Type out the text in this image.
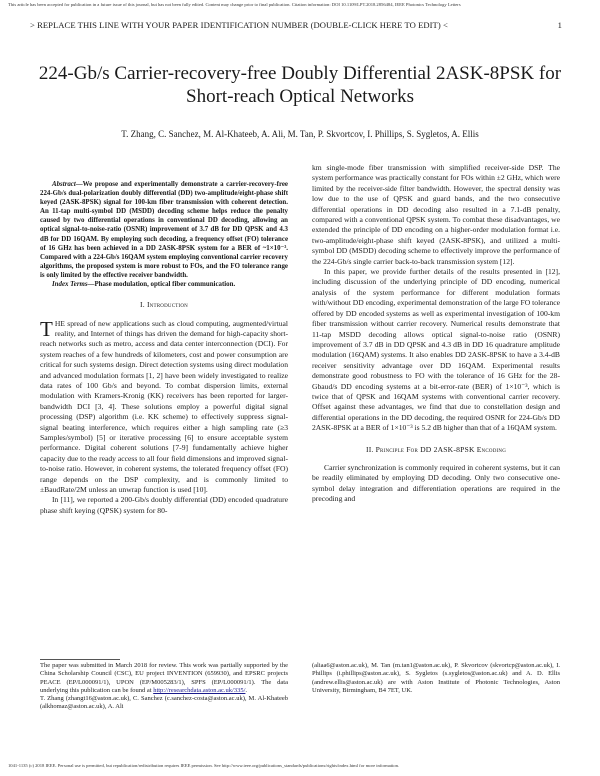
This article has been accepted for publication in a future issue of this journal, but has not been fully edited. Content may change prior to final publication. Citation information: DOI 10.1109/LPT.2018.2856484, IEEE Photonics Technology Letters
> REPLACE THIS LINE WITH YOUR PAPER IDENTIFICATION NUMBER (DOUBLE-CLICK HERE TO EDIT) <	1
224-Gb/s Carrier-recovery-free Doubly Differential 2ASK-8PSK for Short-reach Optical Networks
T. Zhang, C. Sanchez, M. Al-Khateeb, A. Ali, M. Tan, P. Skvortcov, I. Phillips, S. Sygletos, A. Ellis

Abstract—We propose and experimentally demonstrate a carrier-recovery-free 224-Gb/s dual-polarization doubly differential (DD) two-amplitude/eight-phase shift keyed (2ASK-8PSK) signal for 100-km fiber transmission with coherent detection. An 11-tap multi-symbol DD (MSDD) decoding scheme helps reduce the penalty caused by two differential operations in conventional DD decoding, allowing an optical signal-to-noise-ratio (OSNR) improvement of 3.7 dB for DD QPSK and 4.3 dB for DD 16QAM. By employing such decoding, a frequency offset (FO) tolerance of 16 GHz has been achieved in a DD 2ASK-8PSK system for a BER of ~1×10⁻³. Compared with a 224-Gb/s 16QAM system employing conventional carrier recovery algorithms, the proposed system is more robust to FOs, and the FO tolerance range is only limited by the effective receiver bandwidth.

Index Terms—Phase modulation, optical fiber communication.

I. Introduction

THE spread of new applications such as cloud computing, augmented/virtual reality, and Internet of things has driven the demand for high-capacity short-reach networks such as metro, access and data center interconnection (DCI). For system reaches of a few hundreds of kilometers, cost and power consumption are critical for such systems design. Direct detection systems using direct modulation and advanced modulation formats [1, 2] have been widely investigated to realize data rates of 100 Gb/s and beyond. To combat dispersion limits, external modulation with Kramers-Kronig (KK) receivers has been reported for larger-bandwidth DCI [3, 4]. These solutions employ a powerful digital signal processing (DSP) algorithm (i.e. KK scheme) to effectively suppress signal-signal beating interference, which requires either a high sampling rate (≥3 Samples/symbol) [5] or iterative processing [6] to ensure acceptable system performance. Digital coherent solutions [7-9] fundamentally achieve higher capacity due to the ready access to all four field dimensions and improved signal-to-noise ratio. However, in coherent systems, the tolerated frequency offset (FO) range depends on the DSP complexity, and is commonly limited to ±BaudRate/2M unless an unwrap function is used [10].

In [11], we reported a 200-Gb/s doubly differential (DD) encoded quadrature phase shift keying (QPSK) system for 80-

km single-mode fiber transmission with simplified receiver-side DSP. The system performance was practically constant for FOs within ±2 GHz, which were limited by the receiver-side filter bandwidth. However, the spectral density was low due to the use of QPSK and guard bands, and the two consecutive differential operations in DD decoding also resulted in a 7.1-dB penalty, compared with a conventional QPSK system. To combat these disadvantages, we extended the principle of DD encoding on a higher-order modulation format i.e. two-amplitude/eight-phase shift keyed (2ASK-8PSK), and utilized a multi-symbol DD (MSDD) decoding scheme to effectively improve the performance of the 224-Gb/s single carrier back-to-back transmission system [12].

In this paper, we provide further details of the results presented in [12], including discussion of the underlying principle of DD encoding, numerical analysis of the system performance for different modulation formats with/without DD encoding, experimental demonstration of the large FO tolerance offered by DD encoded systems as well as experimental investigation of 100-km fiber transmission without carrier recovery. Numerical results demonstrate that 11-tap MSDD decoding allows optical signal-to-noise ratio (OSNR) improvement of 3.7 dB in DD QPSK and 4.3 dB in DD 16 quadrature amplitude modulation (16QAM) systems. It also enables DD 2ASK-8PSK to have a 3.4-dB receiver sensitivity advantage over DD 16QAM. Experimental results demonstrate good robustness to FO with the tolerance of 16 GHz for the 28-Gbaud/s DD encoding systems at a bit-error-rate (BER) of 1×10⁻³, which is twice that of QPSK and 16QAM systems with conventional carrier recovery. Offset against these advantages, we find that due to constellation design and differential operations in the DD decoding, the required OSNR for 224-Gb/s DD 2ASK-8PSK at a BER of 1×10⁻³ is 5.2 dB higher than that of a 16QAM system.

II. Principle For DD 2ASK-8PSK Encoding

Carrier synchronization is commonly required in coherent systems, but it can be readily eliminated by employing DD decoding. Only two consecutive one-symbol delay integration and differentiation operations are required in the precoding and

The paper was submitted in March 2018 for review. This work was partially supported by the China Scholarship Council (CSC), EU project INVENTION (659930), and EPSRC projects PEACE (EP/L000091/1), UPON (EP/M005283/1), SPFS (EP/L000091/1). The data underlying this publication can be found at http://researchdata.aston.ac.uk/335/.
T. Zhang (zhangt16@aston.ac.uk), C. Sanchez (c.sanchez-costa@aston.ac.uk), M. Al-Khateeb (alkhomaz@aston.ac.uk), A. Ali
(aliaa6@aston.ac.uk), M. Tan (m.tan1@aston.ac.uk), P. Skvortcov (skvortcp@aston.ac.uk), I. Phillips (i.phillips@aston.ac.uk), S. Sygletos (s.sygletos@aston.ac.uk) and A. D. Ellis (andrew.ellis@aston.ac.uk) are with Aston Institute of Photonic Technologies, Aston University, Birmingham, B4 7ET, UK.
1041-1135 (c) 2018 IEEE. Personal use is permitted, but republication/redistribution requires IEEE permission. See http://www.ieee.org/publications_standards/publications/rights/index.html for more information.
